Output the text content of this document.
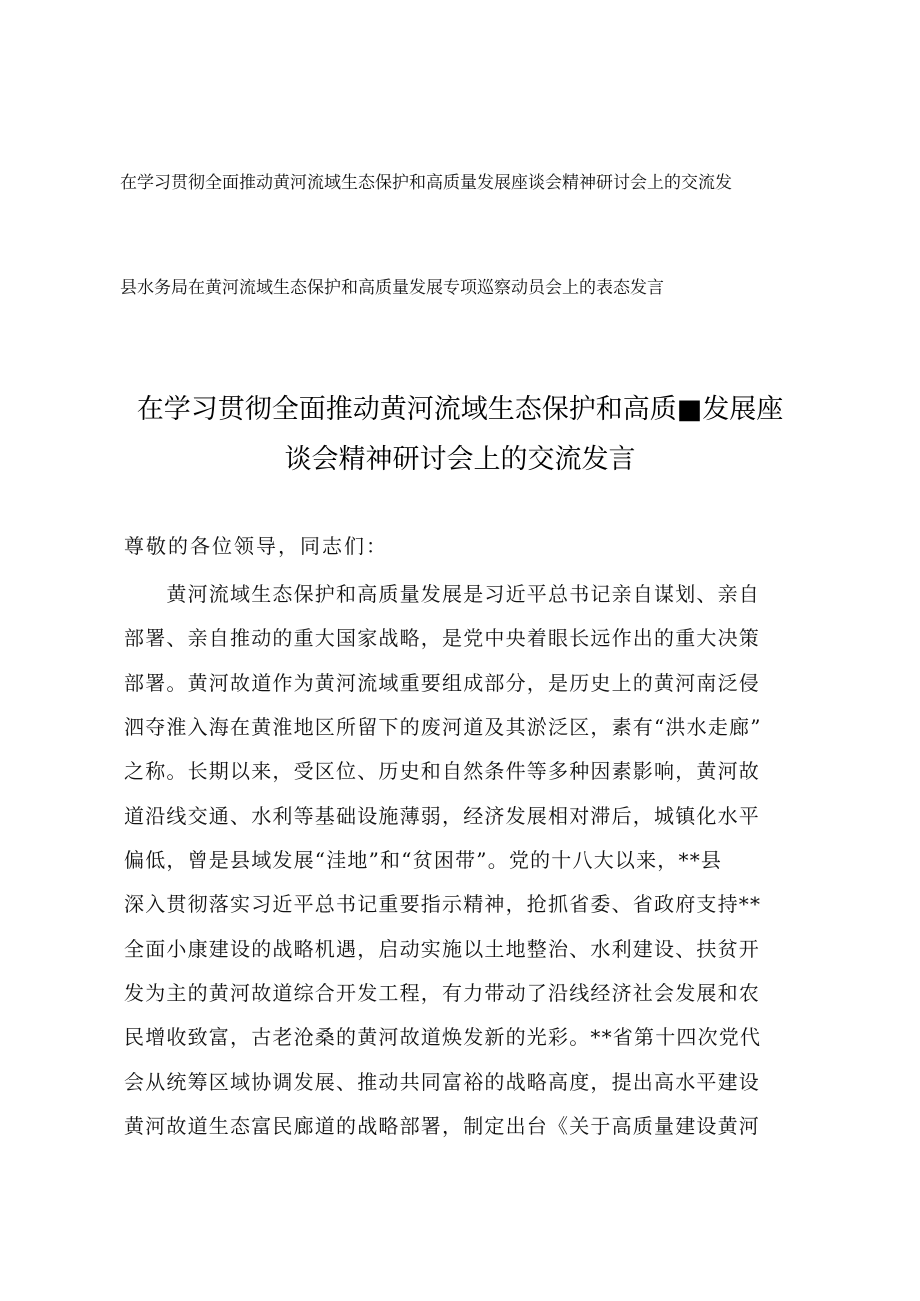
在学习贯彻全面推动黄河流域生态保护和高质量发展座谈会精神研讨会上的交流发
县水务局在黄河流域生态保护和高质量发展专项巡察动员会上的表态发言
在学习贯彻全面推动黄河流域生态保护和高质■发展座
谈会精神研讨会上的交流发言
尊敬的各位领导，同志们：
　　黄河流域生态保护和高质量发展是习近平总书记亲自谋划、亲自
部署、亲自推动的重大国家战略，是党中央着眼长远作出的重大决策
部署。黄河故道作为黄河流域重要组成部分，是历史上的黄河南泛侵
泗夺淮入海在黄淮地区所留下的废河道及其淤泛区，素有“洪水走廊”
之称。长期以来，受区位、历史和自然条件等多种因素影响，黄河故
道沿线交通、水利等基础设施薄弱，经济发展相对滞后，城镇化水平
偏低，曾是县域发展“洼地”和“贫困带”。党的十八大以来，**县
深入贯彻落实习近平总书记重要指示精神，抢抓省委、省政府支持**
全面小康建设的战略机遇，启动实施以土地整治、水利建设、扶贫开
发为主的黄河故道综合开发工程，有力带动了沿线经济社会发展和农
民增收致富，古老沧桑的黄河故道焕发新的光彩。**省第十四次党代
会从统筹区域协调发展、推动共同富裕的战略高度，提出高水平建设
黄河故道生态富民廊道的战略部署，制定出台《关于高质量建设黄河
